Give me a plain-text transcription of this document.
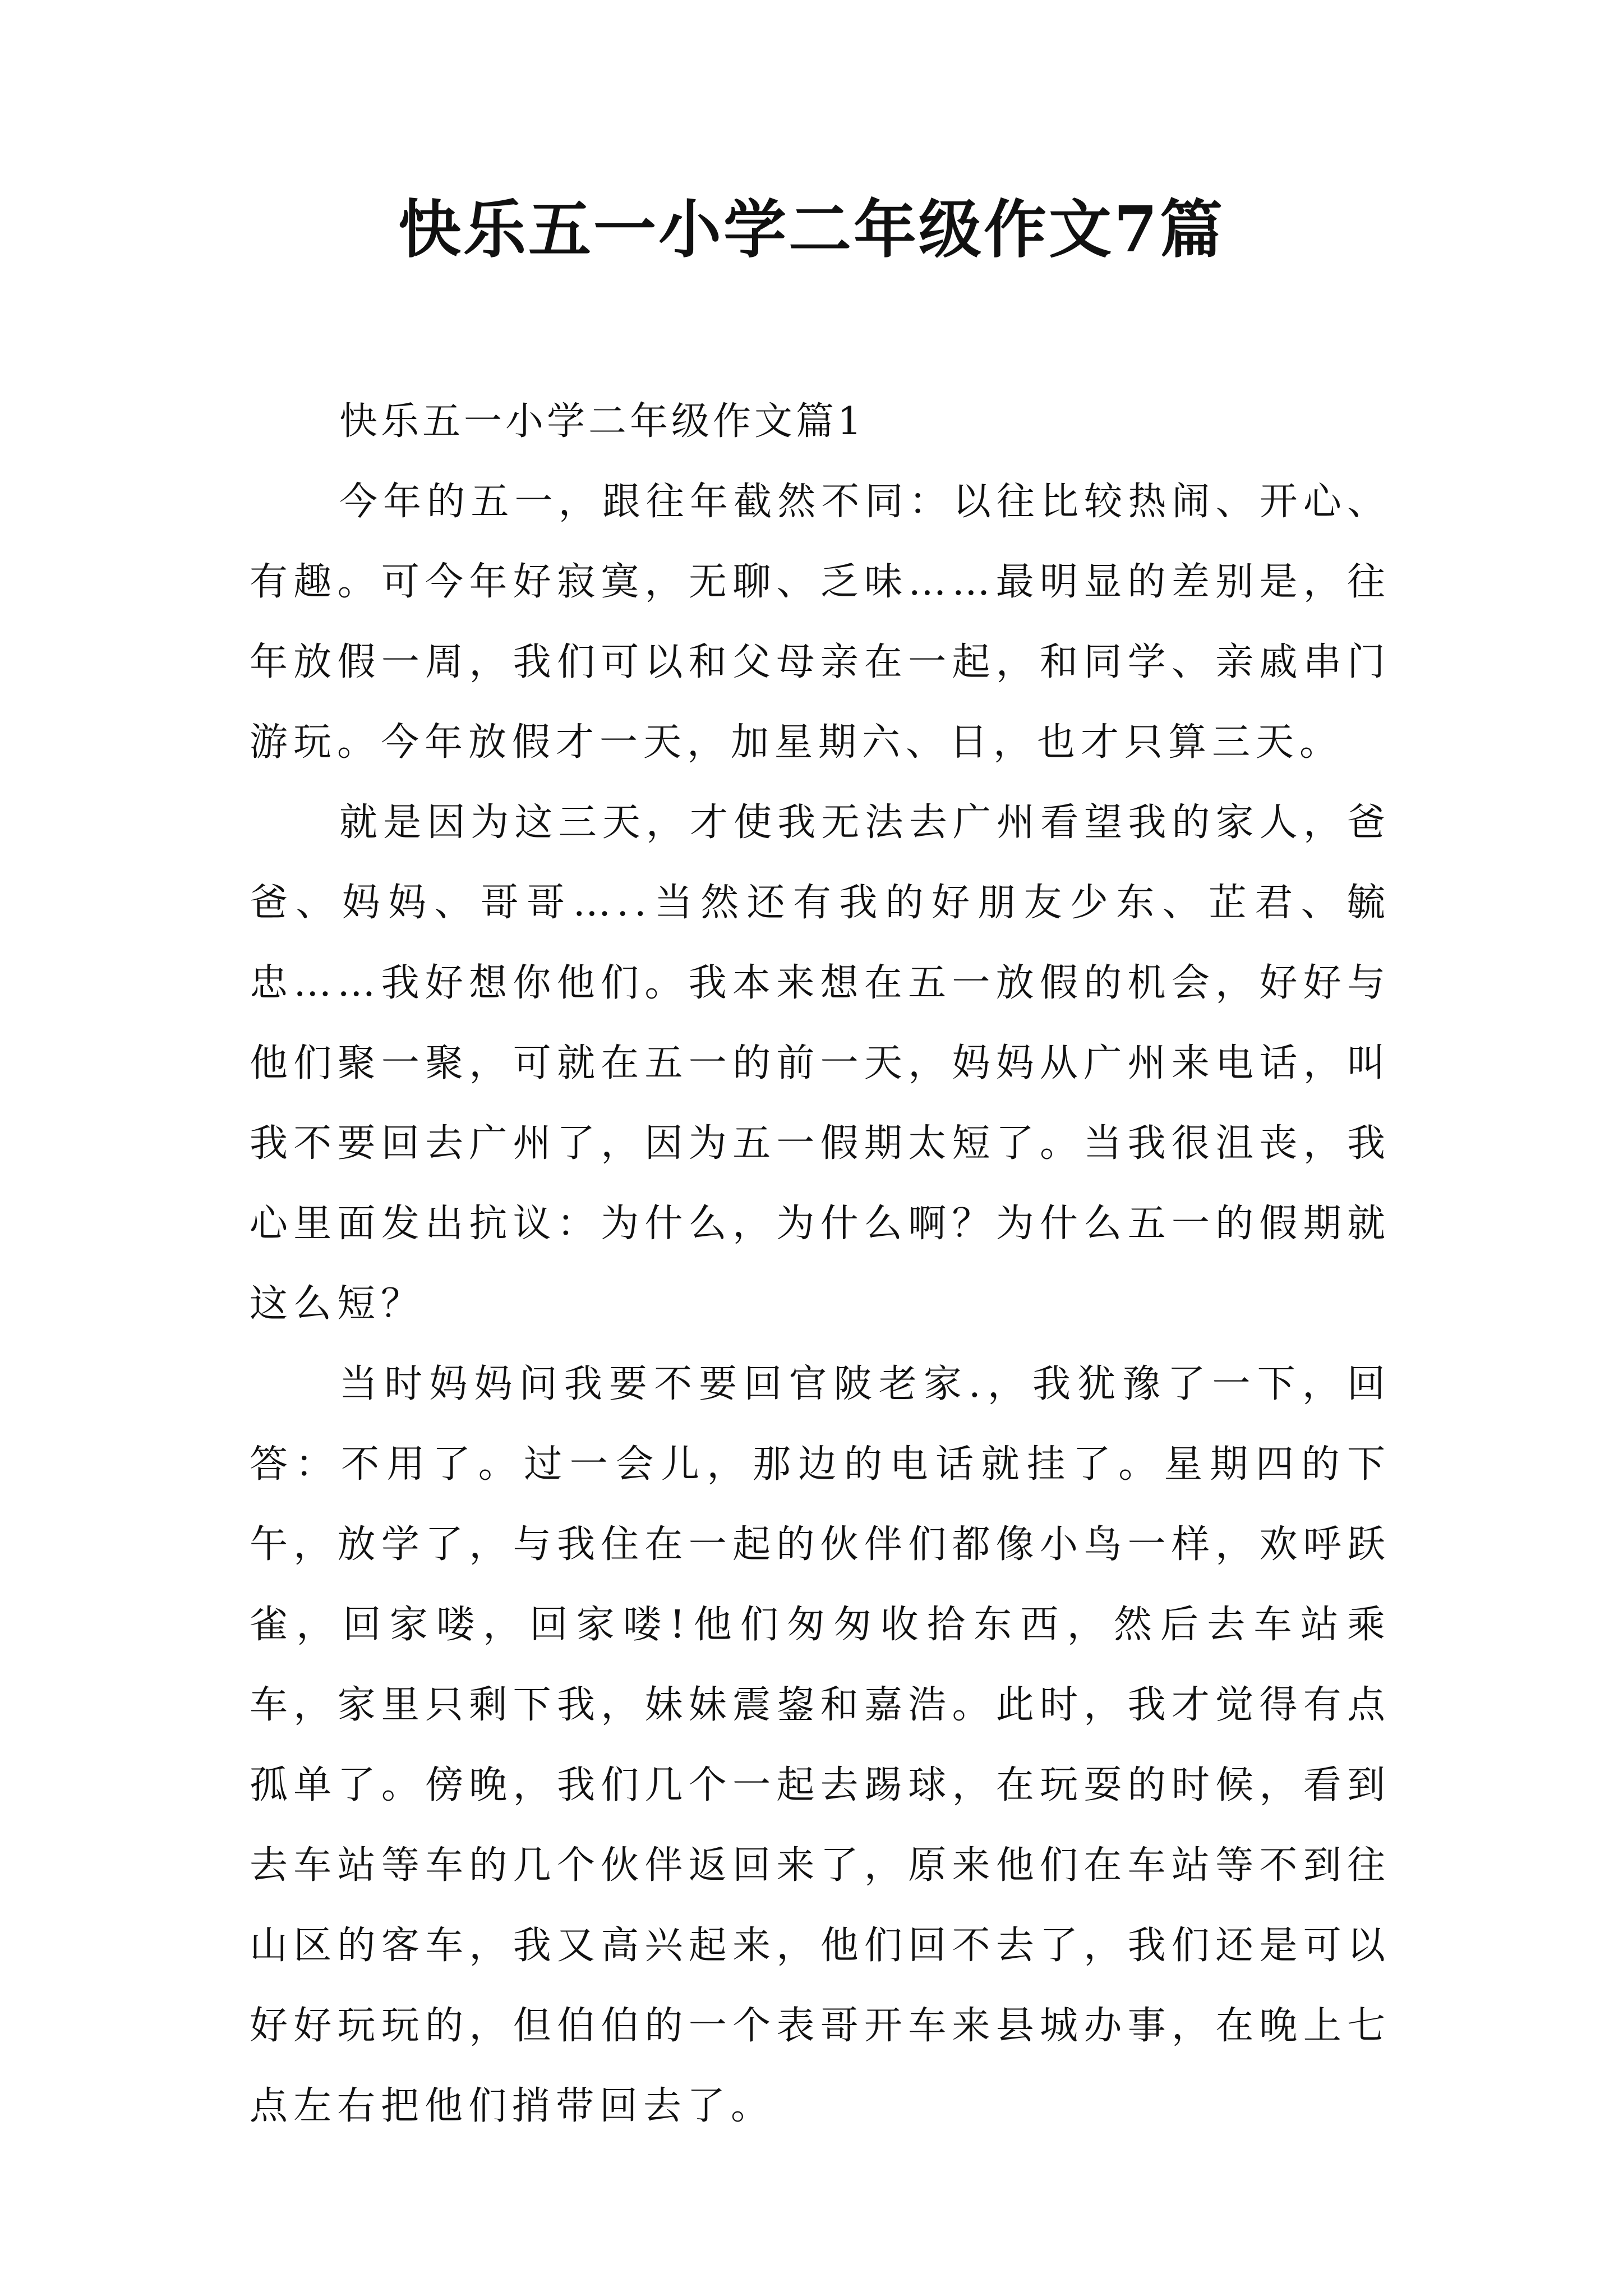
快乐五一小学二年级作文7篇

快乐五一小学二年级作文篇1

今年的五一，跟往年截然不同：以往比较热闹、开心、有趣。可今年好寂寞，无聊、乏味……最明显的差别是，往年放假一周，我们可以和父母亲在一起，和同学、亲戚串门游玩。今年放假才一天，加星期六、日，也才只算三天。

就是因为这三天，才使我无法去广州看望我的家人，爸爸、妈妈、哥哥…..当然还有我的好朋友少东、芷君、毓忠……我好想你他们。我本来想在五一放假的机会，好好与他们聚一聚，可就在五一的前一天，妈妈从广州来电话，叫我不要回去广州了，因为五一假期太短了。当我很沮丧，我心里面发出抗议：为什么，为什么啊？为什么五一的假期就这么短？

当时妈妈问我要不要回官陂老家.，我犹豫了一下，回答：不用了。过一会儿，那边的电话就挂了。星期四的下午，放学了，与我住在一起的伙伴们都像小鸟一样，欢呼跃雀，回家喽，回家喽!他们匆匆收拾东西，然后去车站乘车，家里只剩下我，妹妹震鋆和嘉浩。此时，我才觉得有点孤单了。傍晚，我们几个一起去踢球，在玩耍的时候，看到去车站等车的几个伙伴返回来了，原来他们在车站等不到往山区的客车，我又高兴起来，他们回不去了，我们还是可以好好玩玩的，但伯伯的一个表哥开车来县城办事，在晚上七点左右把他们捎带回去了。
